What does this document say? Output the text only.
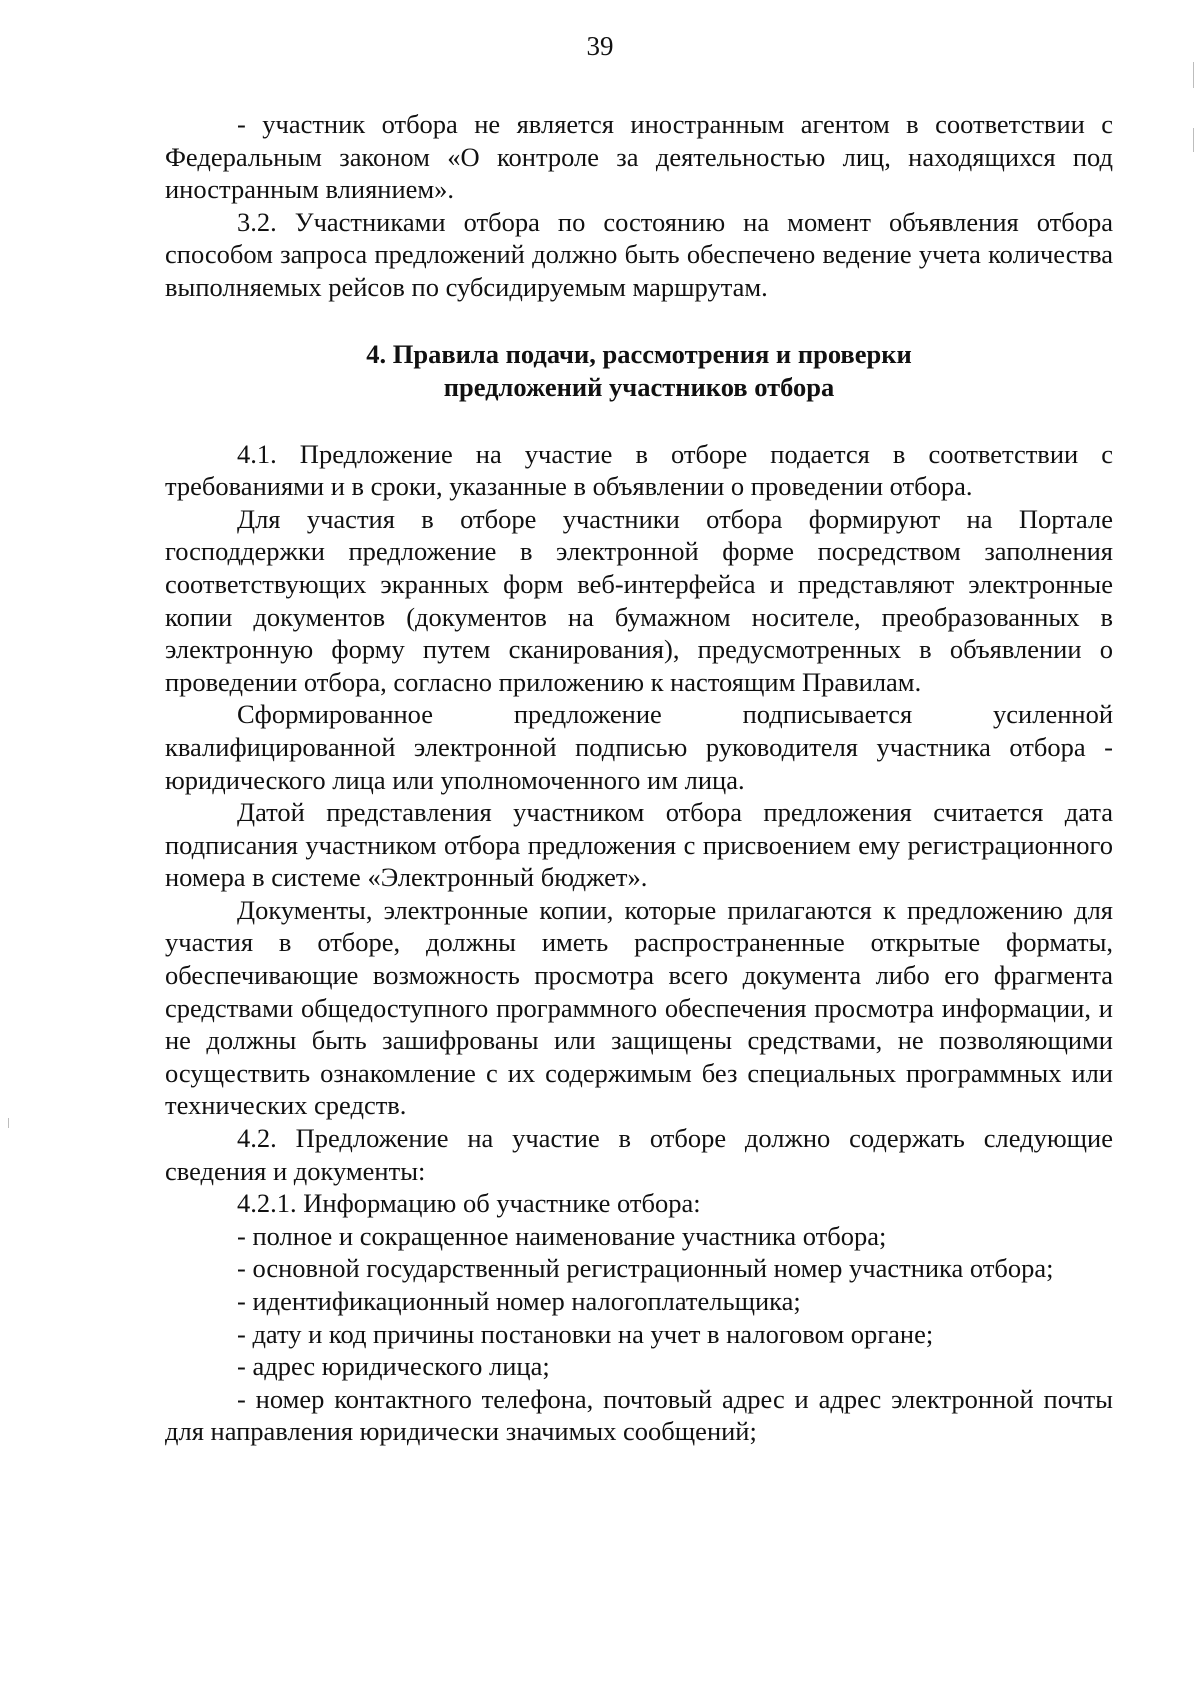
39

- участник отбора не является иностранным агентом в соответствии с Федеральным законом «О контроле за деятельностью лиц, находящихся под иностранным влиянием».

3.2. Участниками отбора по состоянию на момент объявления отбора способом запроса предложений должно быть обеспечено ведение учета количества выполняемых рейсов по субсидируемым маршрутам.

4. Правила подачи, рассмотрения и проверки
предложений участников отбора

4.1. Предложение на участие в отборе подается в соответствии с требованиями и в сроки, указанные в объявлении о проведении отбора.

Для участия в отборе участники отбора формируют на Портале господдержки предложение в электронной форме посредством заполнения соответствующих экранных форм веб-интерфейса и представляют электронные копии документов (документов на бумажном носителе, преобразованных в электронную форму путем сканирования), предусмотренных в объявлении о проведении отбора, согласно приложению к настоящим Правилам.

Сформированное предложение подписывается усиленной квалифицированной электронной подписью руководителя участника отбора - юридического лица или уполномоченного им лица.

Датой представления участником отбора предложения считается дата подписания участником отбора предложения с присвоением ему регистрационного номера в системе «Электронный бюджет».

Документы, электронные копии, которые прилагаются к предложению для участия в отборе, должны иметь распространенные открытые форматы, обеспечивающие возможность просмотра всего документа либо его фрагмента средствами общедоступного программного обеспечения просмотра информации, и не должны быть зашифрованы или защищены средствами, не позволяющими осуществить ознакомление с их содержимым без специальных программных или технических средств.

4.2. Предложение на участие в отборе должно содержать следующие сведения и документы:

4.2.1. Информацию об участнике отбора:

- полное и сокращенное наименование участника отбора;

- основной государственный регистрационный номер участника отбора;

- идентификационный номер налогоплательщика;

- дату и код причины постановки на учет в налоговом органе;

- адрес юридического лица;

- номер контактного телефона, почтовый адрес и адрес электронной почты для направления юридически значимых сообщений;
